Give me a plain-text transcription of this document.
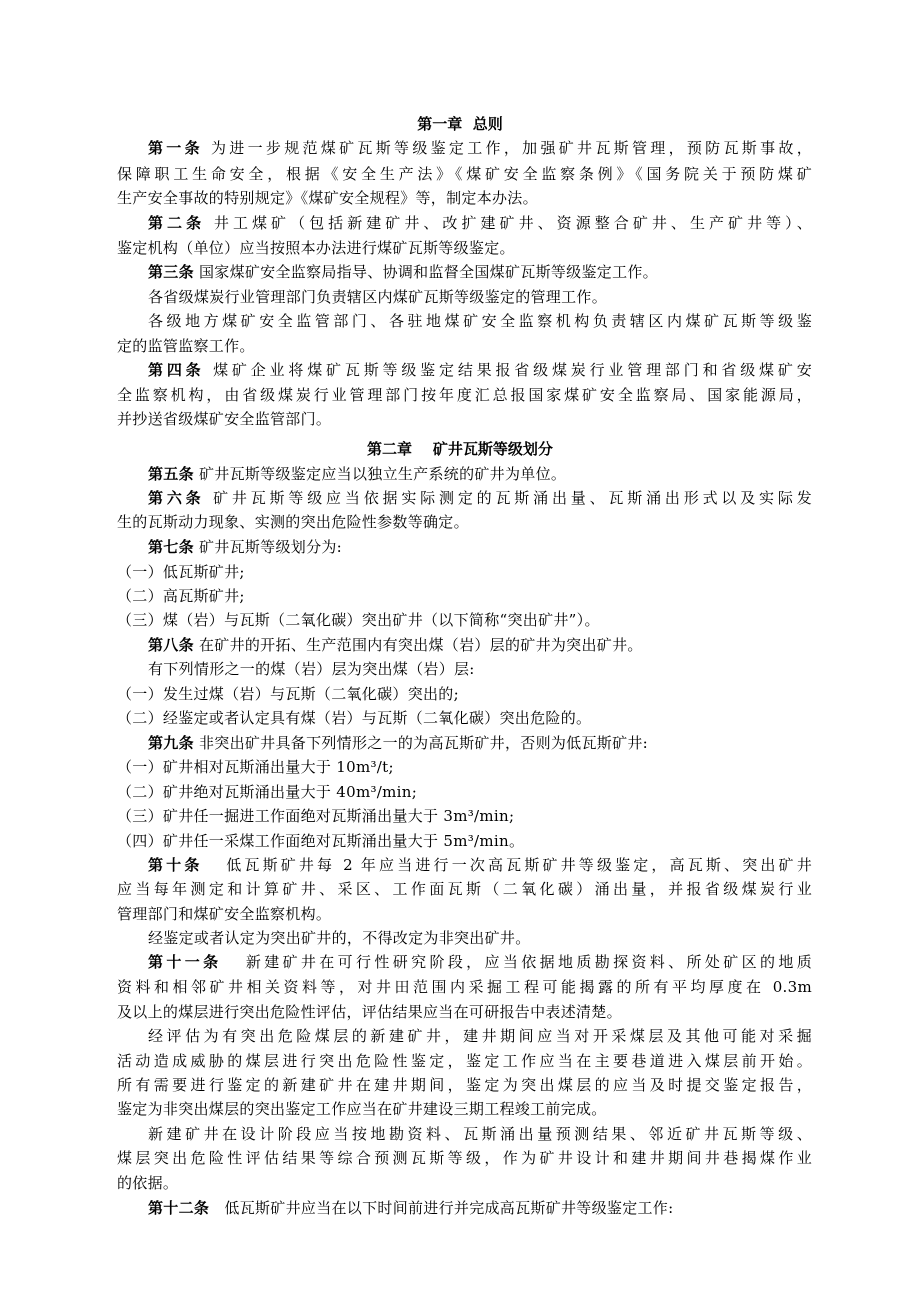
第一章  总则
第二章    矿井瓦斯等级划分
第一条 为进一步规范煤矿瓦斯等级鉴定工作，加强矿井瓦斯管理，预防瓦斯事故，
保障职工生命安全，根据《安全生产法》《煤矿安全监察条例》《国务院关于预防煤矿
生产安全事故的特别规定》《煤矿安全规程》等，制定本办法。
第二条 井工煤矿（包括新建矿井、改扩建矿井、资源整合矿井、生产矿井等）、
鉴定机构（单位）应当按照本办法进行煤矿瓦斯等级鉴定。
第三条 国家煤矿安全监察局指导、协调和监督全国煤矿瓦斯等级鉴定工作。
各省级煤炭行业管理部门负责辖区内煤矿瓦斯等级鉴定的管理工作。
各级地方煤矿安全监管部门、各驻地煤矿安全监察机构负责辖区内煤矿瓦斯等级鉴
定的监管监察工作。
第四条 煤矿企业将煤矿瓦斯等级鉴定结果报省级煤炭行业管理部门和省级煤矿安
全监察机构，由省级煤炭行业管理部门按年度汇总报国家煤矿安全监察局、国家能源局，
并抄送省级煤矿安全监管部门。
第五条 矿井瓦斯等级鉴定应当以独立生产系统的矿井为单位。
第六条 矿井瓦斯等级应当依据实际测定的瓦斯涌出量、瓦斯涌出形式以及实际发
生的瓦斯动力现象、实测的突出危险性参数等确定。
第七条 矿井瓦斯等级划分为:
（一）低瓦斯矿井;
（二）高瓦斯矿井;
（三）煤（岩）与瓦斯（二氧化碳）突出矿井（以下简称“突出矿井”）。
第八条 在矿井的开拓、生产范围内有突出煤（岩）层的矿井为突出矿井。
有下列情形之一的煤（岩）层为突出煤（岩）层:
（一）发生过煤（岩）与瓦斯（二氧化碳）突出的;
（二）经鉴定或者认定具有煤（岩）与瓦斯（二氧化碳）突出危险的。
第九条 非突出矿井具备下列情形之一的为高瓦斯矿井，否则为低瓦斯矿井:
（一）矿井相对瓦斯涌出量大于 10m³/t;
（二）矿井绝对瓦斯涌出量大于 40m³/min;
（三）矿井任一掘进工作面绝对瓦斯涌出量大于 3m³/min;
（四）矿井任一采煤工作面绝对瓦斯涌出量大于 5m³/min。
第十条   低瓦斯矿井每 2 年应当进行一次高瓦斯矿井等级鉴定，高瓦斯、突出矿井
应当每年测定和计算矿井、采区、工作面瓦斯（二氧化碳）涌出量，并报省级煤炭行业
管理部门和煤矿安全监察机构。
经鉴定或者认定为突出矿井的，不得改定为非突出矿井。
第十一条   新建矿井在可行性研究阶段，应当依据地质勘探资料、所处矿区的地质
资料和相邻矿井相关资料等，对井田范围内采掘工程可能揭露的所有平均厚度在 0.3m
及以上的煤层进行突出危险性评估，评估结果应当在可研报告中表述清楚。
经评估为有突出危险煤层的新建矿井，建井期间应当对开采煤层及其他可能对采掘
活动造成威胁的煤层进行突出危险性鉴定，鉴定工作应当在主要巷道进入煤层前开始。
所有需要进行鉴定的新建矿井在建井期间，鉴定为突出煤层的应当及时提交鉴定报告，
鉴定为非突出煤层的突出鉴定工作应当在矿井建设三期工程竣工前完成。
新建矿井在设计阶段应当按地勘资料、瓦斯涌出量预测结果、邻近矿井瓦斯等级、
煤层突出危险性评估结果等综合预测瓦斯等级，作为矿井设计和建井期间井巷揭煤作业
的依据。
第十二条   低瓦斯矿井应当在以下时间前进行并完成高瓦斯矿井等级鉴定工作:
